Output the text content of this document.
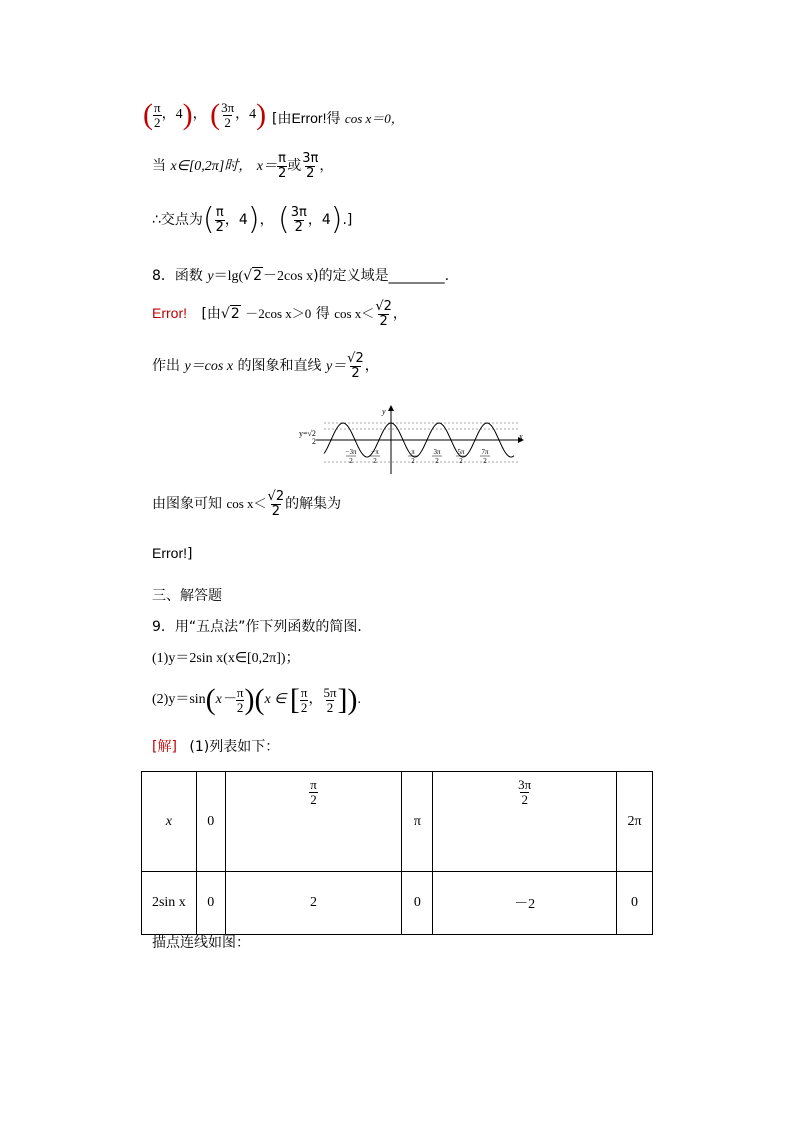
( $\frac{\pi}{2}$ ，4)， ( $\frac{3\pi}{2}$ ，4) [由Error!得 cos x＝0，
当 x∈[0,2π]时， $x= \frac{\pi}{2}$ 或 $\frac{3\pi}{2}$ ，
∴交点为( $\frac{\pi}{2}$ ，4)， ( $\frac{3\pi}{2}$ ，4).]
8．函数 y＝lg(√2－2cos x)的定义域是________.
Error! [由√2 －2cos x＞0 得 $\cos x< \frac{√2}{2}$ ，
作出 y＝cos x 的图象和直线 $y= \frac{√2}{2}$ ，
y
x
y=√2
2
−3π
2
−π
2
π
2
3π
2
5π
2
7π
2
由图象可知 $\cos x< \frac{√2}{2}$ 的解集为
Error!]
三、解答题
9．用“五点法”作下列函数的简图．
(1)y＝2sin x(x∈[0,2π])；
$(2)y=\sin(x- \frac{\pi}{2} )(x$ ∈ [ $\frac{\pi}{2}$ ， $\frac{5\pi}{2}$ ]).
[解] (1)列表如下：
x	0	$\frac{\pi}{2}$	π	$\frac{3\pi}{2}$	2π
2sin x	0	2	0	－2	0
描点连线如图：
